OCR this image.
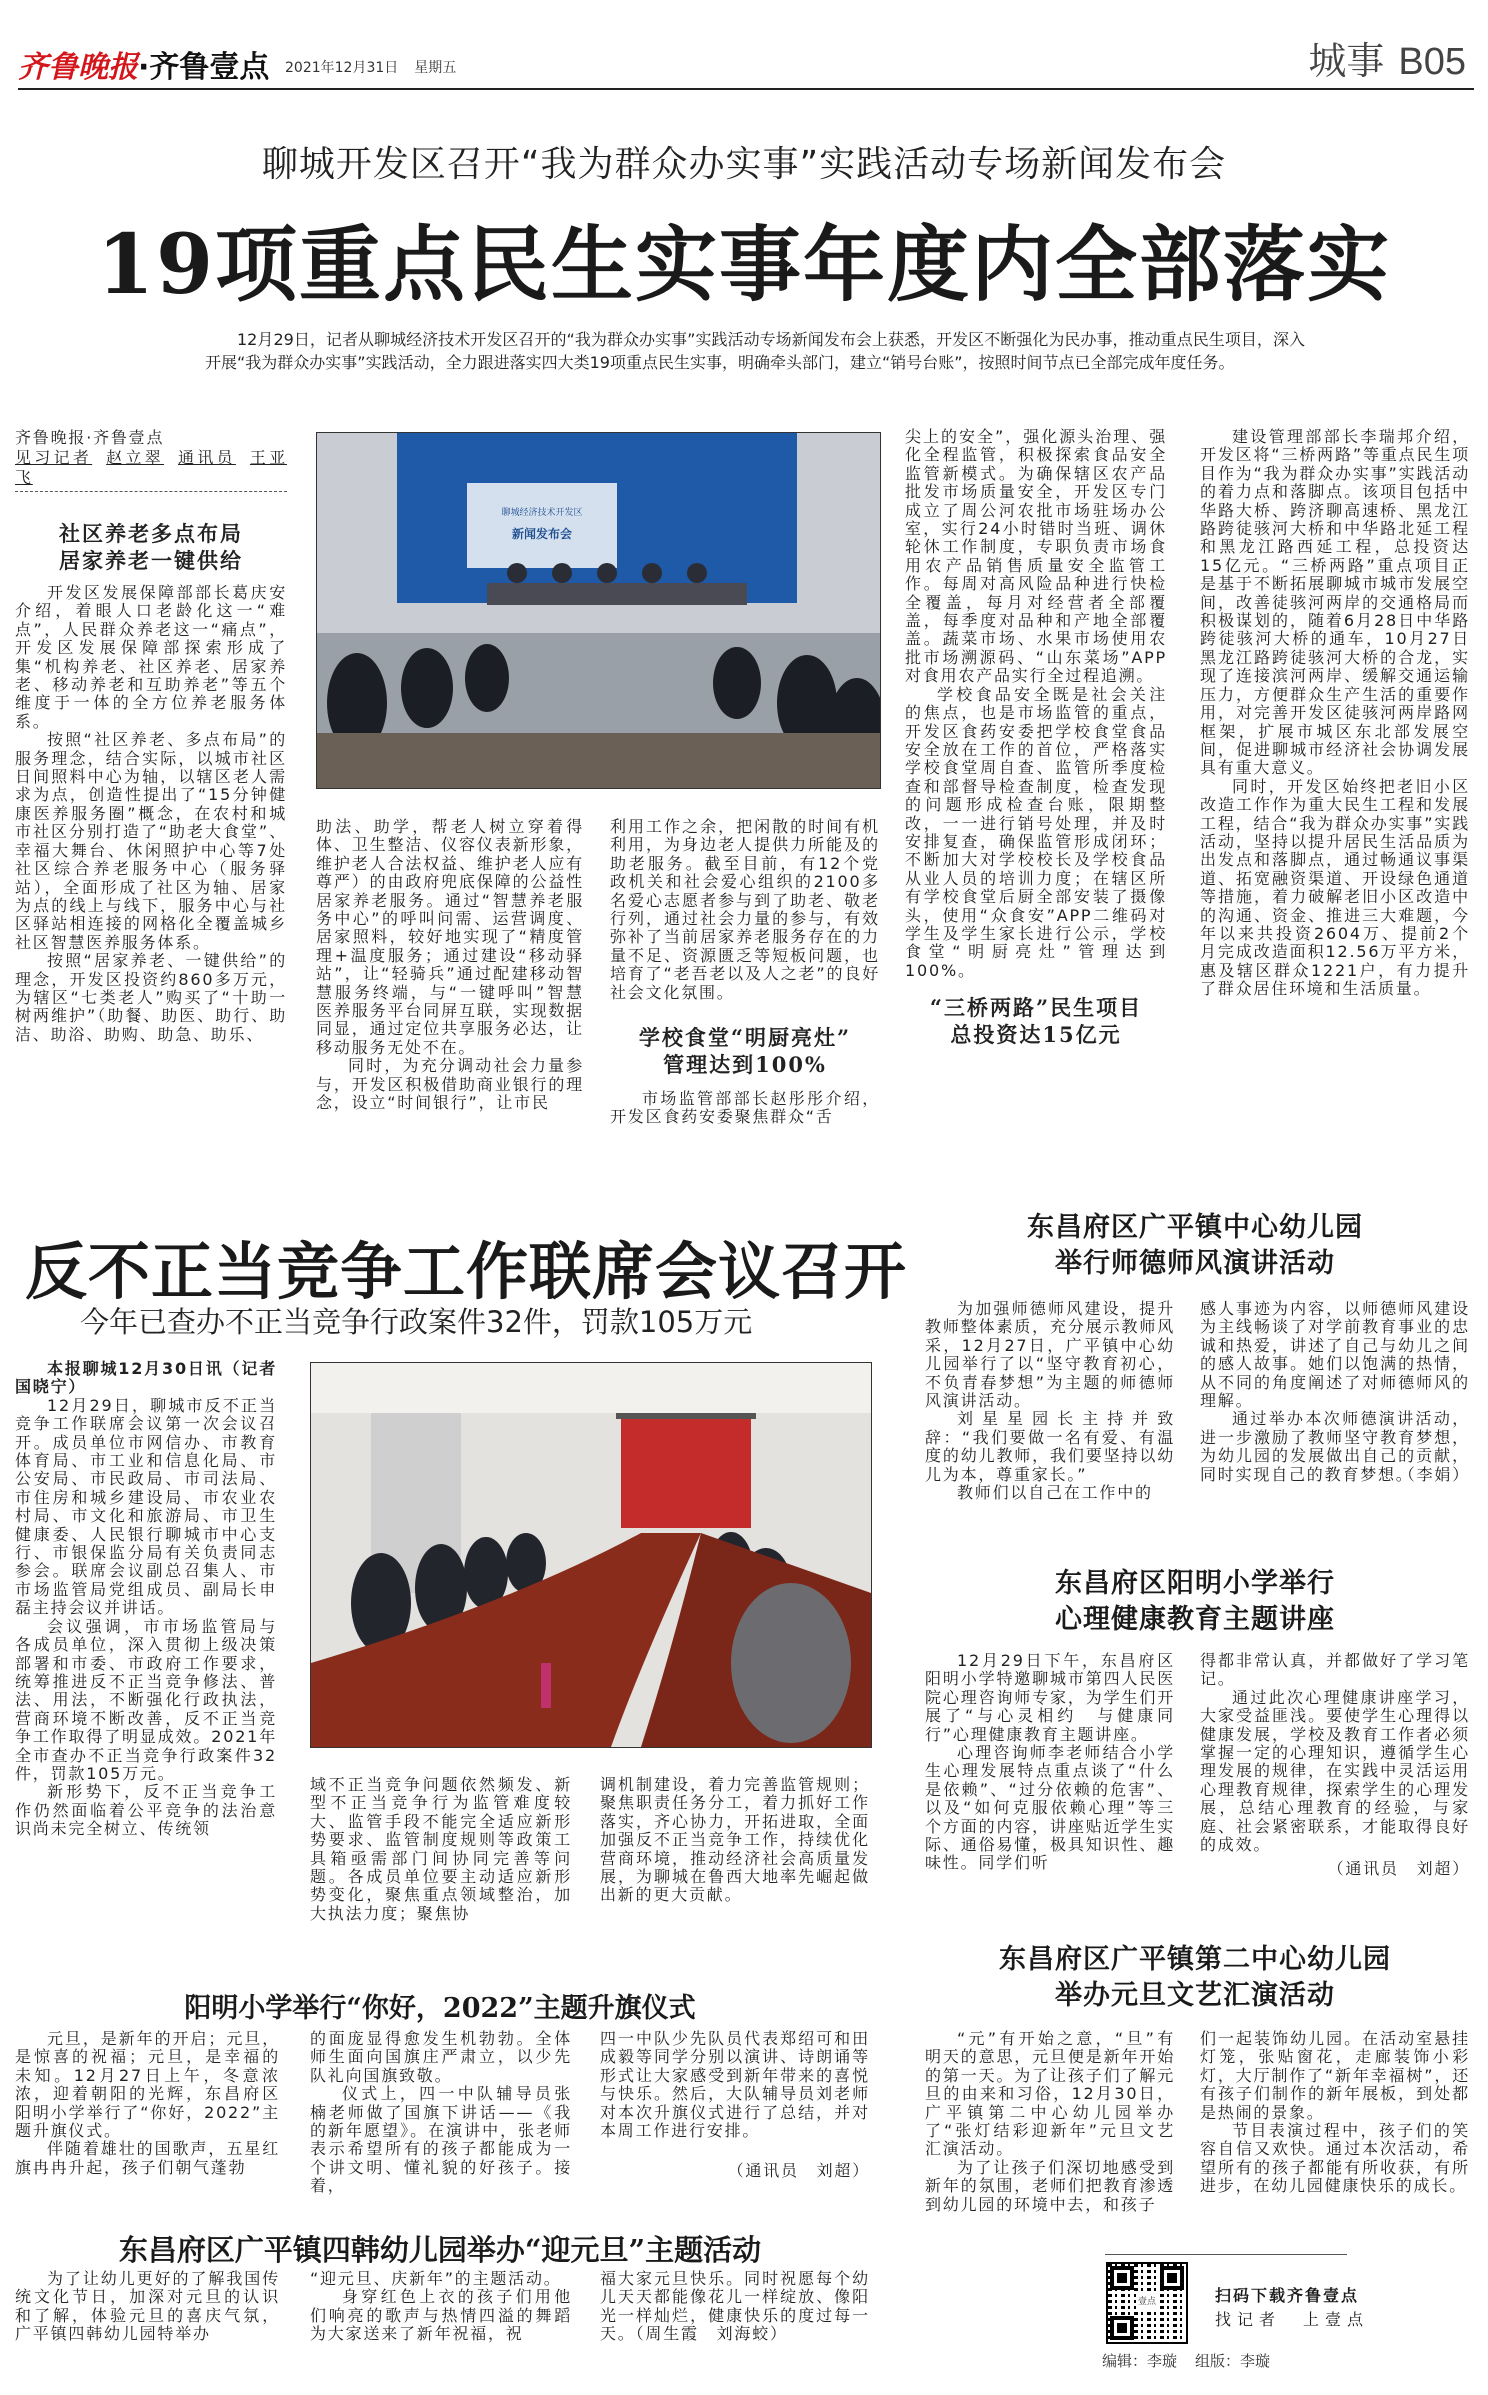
齐鲁晚报·齐鲁壹点 2021年12月31日 星期五	城事 B05
聊城开发区召开“我为群众办实事”实践活动专场新闻发布会
19项重点民生实事年度内全部落实
12月29日，记者从聊城经济技术开发区召开的“我为群众办实事”实践活动专场新闻发布会上获悉，开发区不断强化为民办事，推动重点民生项目，深入开展“我为群众办实事”实践活动，全力跟进落实四大类19项重点民生实事，明确牵头部门，建立“销号台账”，按照时间节点已全部完成年度任务。
齐鲁晚报·齐鲁壹点
见习记者 赵立翠 通讯员 王亚飞
社区养老多点布局
居家养老一键供给

开发区发展保障部部长葛庆安介绍，着眼人口老龄化这一“难点”，人民群众养老这一“痛点”，开发区发展保障部探索形成了集“机构养老、社区养老、居家养老、移动养老和互助养老”等五个维度于一体的全方位养老服务体系。

按照“社区养老、多点布局”的服务理念，结合实际，以城市社区日间照料中心为轴，以辖区老人需求为点，创造性提出了“15分钟健康医养服务圈”概念，在农村和城市社区分别打造了“助老大食堂”、幸福大舞台、休闲照护中心等7处社区综合养老服务中心（服务驿站），全面形成了社区为轴、居家为点的线上与线下，服务中心与社区驿站相连接的网格化全覆盖城乡社区智慧医养服务体系。

按照“居家养老、一键供给”的理念，开发区投资约860多万元，为辖区“七类老人”购买了“十助一树两维护”（助餐、助医、助行、助洁、助浴、助购、助急、助乐、

聊城经济技术开发区
新闻发布会

助法、助学，帮老人树立穿着得体、卫生整洁、仪容仪表新形象，维护老人合法权益、维护老人应有尊严）的由政府兜底保障的公益性居家养老服务。通过“智慧养老服务中心”的呼叫问需、运营调度、居家照料，较好地实现了“精度管理+温度服务；通过建设“移动驿站”，让“轻骑兵”通过配建移动智慧服务终端，与“一键呼叫”智慧医养服务平台同屏互联，实现数据同显，通过定位共享服务必达，让移动服务无处不在。

同时，为充分调动社会力量参与，开发区积极借助商业银行的理念，设立“时间银行”，让市民

利用工作之余，把闲散的时间有机利用，为身边老人提供力所能及的助老服务。截至目前，有12个党政机关和社会爱心组织的2100多名爱心志愿者参与到了助老、敬老行列，通过社会力量的参与，有效弥补了当前居家养老服务存在的力量不足、资源匮乏等短板问题，也培育了“老吾老以及人之老”的良好社会文化氛围。

学校食堂“明厨亮灶”
管理达到100%

市场监管部部长赵彤彤介绍，开发区食药安委聚焦群众“舌

尖上的安全”，强化源头治理、强化全程监管，积极探索食品安全监管新模式。为确保辖区农产品批发市场质量安全，开发区专门成立了周公河农批市场驻场办公室，实行24小时错时当班、调休轮休工作制度，专职负责市场食用农产品销售质量安全监管工作。每周对高风险品种进行快检全覆盖，每月对经营者全部覆盖，每季度对品种和产地全部覆盖。蔬菜市场、水果市场使用农批市场溯源码、“山东菜场”APP对食用农产品实行全过程追溯。

学校食品安全既是社会关注的焦点，也是市场监管的重点，开发区食药安委把学校食堂食品安全放在工作的首位，严格落实学校食堂周自查、监管所季度检查和部督导检查制度，检查发现的问题形成检查台账，限期整改，一一进行销号处理，并及时安排复查，确保监管形成闭环；不断加大对学校校长及学校食品从业人员的培训力度；在辖区所有学校食堂后厨全部安装了摄像头，使用“众食安”APP二维码对学生及学生家长进行公示，学校食堂“明厨亮灶”管理达到100%。

“三桥两路”民生项目
总投资达15亿元

建设管理部部长李瑞邦介绍，开发区将“三桥两路”等重点民生项目作为“我为群众办实事”实践活动的着力点和落脚点。该项目包括中华路大桥、跨济聊高速桥、黑龙江路跨徒骇河大桥和中华路北延工程和黑龙江路西延工程，总投资达15亿元。“三桥两路”重点项目正是基于不断拓展聊城市城市发展空间，改善徒骇河两岸的交通格局而积极谋划的，随着6月28日中华路跨徒骇河大桥的通车，10月27日黑龙江路跨徒骇河大桥的合龙，实现了连接滨河两岸、缓解交通运输压力，方便群众生产生活的重要作用，对完善开发区徒骇河两岸路网框架，扩展市城区东北部发展空间，促进聊城市经济社会协调发展具有重大意义。

同时，开发区始终把老旧小区改造工作作为重大民生工程和发展工程，结合“我为群众办实事”实践活动，坚持以提升居民生活品质为出发点和落脚点，通过畅通议事渠道、拓宽融资渠道、开设绿色通道等措施，着力破解老旧小区改造中的沟通、资金、推进三大难题，今年以来共投资2604万、提前2个月完成改造面积12.56万平方米，惠及辖区群众1221户，有力提升了群众居住环境和生活质量。

反不正当竞争工作联席会议召开
今年已查办不正当竞争行政案件32件，罚款105万元

本报聊城12月30日讯（记者 国晓宁）

12月29日，聊城市反不正当竞争工作联席会议第一次会议召开。成员单位市网信办、市教育体育局、市工业和信息化局、市公安局、市民政局、市司法局、市住房和城乡建设局、市农业农村局、市文化和旅游局、市卫生健康委、人民银行聊城市中心支行、市银保监分局有关负责同志参会。联席会议副总召集人、市市场监管局党组成员、副局长申磊主持会议并讲话。

会议强调，市市场监管局与各成员单位，深入贯彻上级决策部署和市委、市政府工作要求，统筹推进反不正当竞争修法、普法、用法，不断强化行政执法，营商环境不断改善，反不正当竞争工作取得了明显成效。2021年全市查办不正当竞争行政案件32件，罚款105万元。

新形势下，反不正当竞争工作仍然面临着公平竞争的法治意识尚未完全树立、传统领

域不正当竞争问题依然频发、新型不正当竞争行为监管难度较大、监管手段不能完全适应新形势要求、监管制度规则等政策工具箱亟需部门间协同完善等问题。各成员单位要主动适应新形势变化，聚焦重点领域整治，加大执法力度；聚焦协

调机制建设，着力完善监管规则；聚焦职责任务分工，着力抓好工作落实，齐心协力，开拓进取，全面加强反不正当竞争工作，持续优化营商环境，推动经济社会高质量发展，为聊城在鲁西大地率先崛起做出新的更大贡献。

阳明小学举行“你好，2022”主题升旗仪式

元旦，是新年的开启；元旦，是惊喜的祝福；元旦，是幸福的未知。12月27日上午，冬意浓浓，迎着朝阳的光辉，东昌府区阳明小学举行了“你好，2022”主题升旗仪式。

伴随着雄壮的国歌声，五星红旗冉冉升起，孩子们朝气蓬勃

的面庞显得愈发生机勃勃。全体师生面向国旗庄严肃立，以少先队礼向国旗致敬。

仪式上，四一中队辅导员张楠老师做了国旗下讲话——《我的新年愿望》。在演讲中，张老师表示希望所有的孩子都能成为一个讲文明、懂礼貌的好孩子。接着，

四一中队少先队员代表郑绍可和田成毅等同学分别以演讲、诗朗诵等形式让大家感受到新年带来的喜悦与快乐。然后，大队辅导员刘老师对本次升旗仪式进行了总结，并对本周工作进行安排。

（通讯员　刘超）
东昌府区广平镇四韩幼儿园举办“迎元旦”主题活动

为了让幼儿更好的了解我国传统文化节日，加深对元旦的认识和了解，体验元旦的喜庆气氛，广平镇四韩幼儿园特举办

“迎元旦、庆新年”的主题活动。

身穿红色上衣的孩子们用他们响亮的歌声与热情四溢的舞蹈为大家送来了新年祝福，祝

福大家元旦快乐。同时祝愿每个幼儿天天都能像花儿一样绽放、像阳光一样灿烂，健康快乐的度过每一天。（周生霞　刘海蛟）

东昌府区广平镇中心幼儿园
举行师德师风演讲活动

为加强师德师风建设，提升教师整体素质，充分展示教师风采，12月27日，广平镇中心幼儿园举行了以“坚守教育初心，不负青春梦想”为主题的师德师风演讲活动。

刘星星园长主持并致辞：“我们要做一名有爱、有温度的幼儿教师，我们要坚持以幼儿为本，尊重家长。”

教师们以自己在工作中的

感人事迹为内容，以师德师风建设为主线畅谈了对学前教育事业的忠诚和热爱，讲述了自己与幼儿之间的感人故事。她们以饱满的热情，从不同的角度阐述了对师德师风的理解。

通过举办本次师德演讲活动，进一步激励了教师坚守教育梦想，为幼儿园的发展做出自己的贡献，同时实现自己的教育梦想。

（李娟）
东昌府区阳明小学举行
心理健康教育主题讲座

12月29日下午，东昌府区阳明小学特邀聊城市第四人民医院心理咨询师专家，为学生们开展了“与心灵相约　与健康同行”心理健康教育主题讲座。

心理咨询师李老师结合小学生心理发展特点重点谈了“什么是依赖”、“过分依赖的危害”、以及“如何克服依赖心理”等三个方面的内容，讲座贴近学生实际、通俗易懂，极具知识性、趣味性。同学们听

得都非常认真，并都做好了学习笔记。

通过此次心理健康讲座学习，大家受益匪浅。要使学生心理得以健康发展，学校及教育工作者必须掌握一定的心理知识，遵循学生心理发展的规律，在实践中灵活运用心理教育规律，探索学生的心理发展，总结心理教育的经验，与家庭、社会紧密联系，才能取得良好的成效。

（通讯员　刘超）
东昌府区广平镇第二中心幼儿园
举办元旦文艺汇演活动

“元”有开始之意，“旦”有明天的意思，元旦便是新年开始的第一天。为了让孩子们了解元旦的由来和习俗，12月30日，广平镇第二中心幼儿园举办了“张灯结彩迎新年”元旦文艺汇演活动。

为了让孩子们深切地感受到新年的氛围，老师们把教育渗透到幼儿园的环境中去，和孩子

们一起装饰幼儿园。在活动室悬挂灯笼，张贴窗花，走廊装饰小彩灯，大厅制作了“新年幸福树”，还有孩子们制作的新年展板，到处都是热闹的景象。

节目表演过程中，孩子们的笑容自信又欢快。通过本次活动，希望所有的孩子都能有所收获，有所进步，在幼儿园健康快乐的成长。

壹点	扫码下载齐鲁壹点
找记者　上壹点
编辑：李璇 组版：李璇
